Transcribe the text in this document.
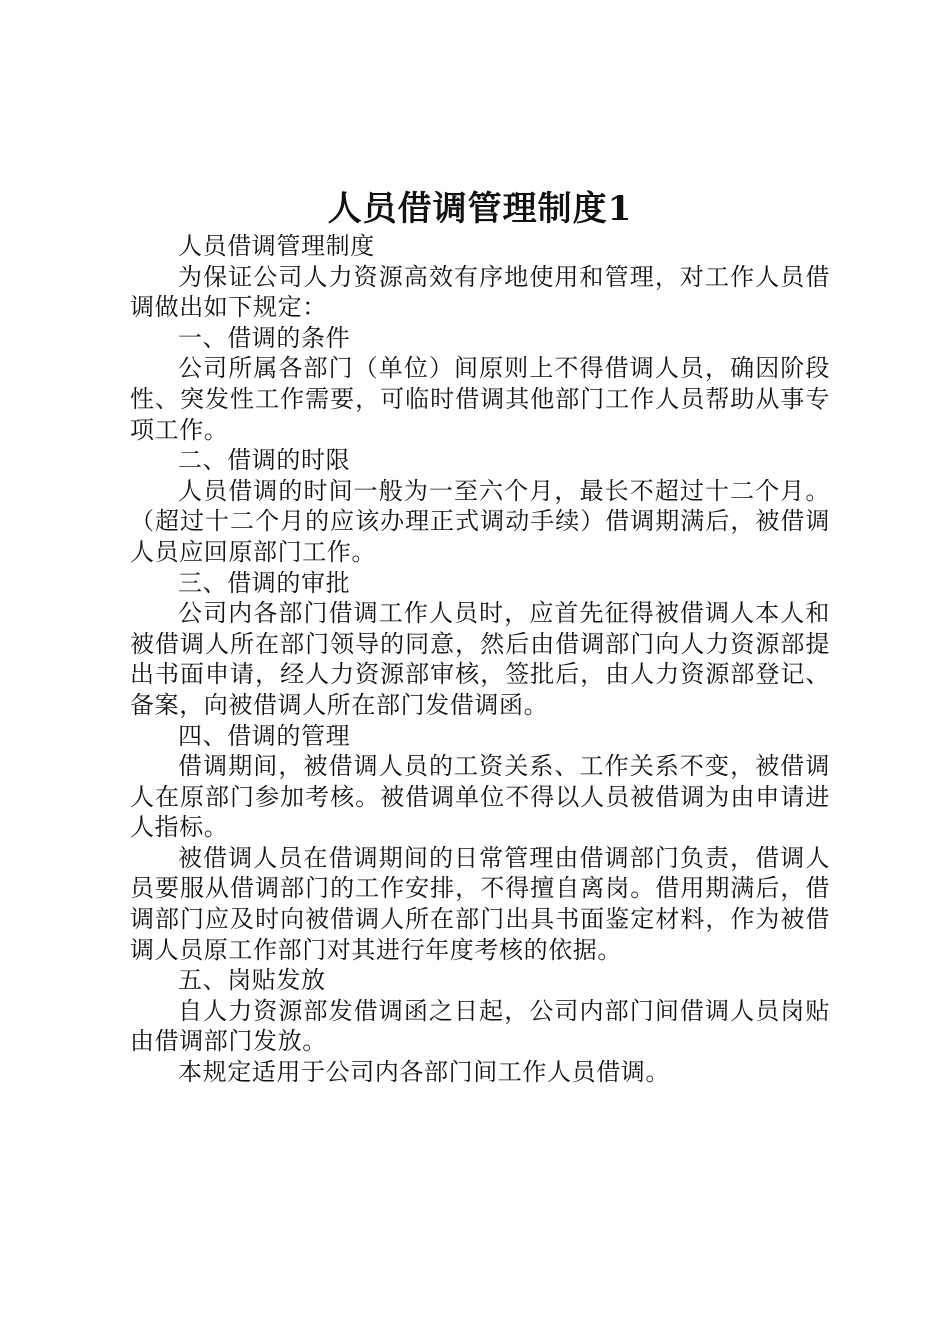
人员借调管理制度1

人员借调管理制度

为保证公司人力资源高效有序地使用和管理，对工作人员借调做出如下规定：

一、借调的条件

公司所属各部门（单位）间原则上不得借调人员，确因阶段性、突发性工作需要，可临时借调其他部门工作人员帮助从事专项工作。

二、借调的时限

人员借调的时间一般为一至六个月，最长不超过十二个月。（超过十二个月的应该办理正式调动手续）借调期满后，被借调人员应回原部门工作。

三、借调的审批

公司内各部门借调工作人员时，应首先征得被借调人本人和被借调人所在部门领导的同意，然后由借调部门向人力资源部提出书面申请，经人力资源部审核，签批后，由人力资源部登记、备案，向被借调人所在部门发借调函。

四、借调的管理

借调期间，被借调人员的工资关系、工作关系不变，被借调人在原部门参加考核。被借调单位不得以人员被借调为由申请进人指标。

被借调人员在借调期间的日常管理由借调部门负责，借调人员要服从借调部门的工作安排，不得擅自离岗。借用期满后，借调部门应及时向被借调人所在部门出具书面鉴定材料，作为被借调人员原工作部门对其进行年度考核的依据。

五、岗贴发放

自人力资源部发借调函之日起，公司内部门间借调人员岗贴由借调部门发放。

本规定适用于公司内各部门间工作人员借调。
